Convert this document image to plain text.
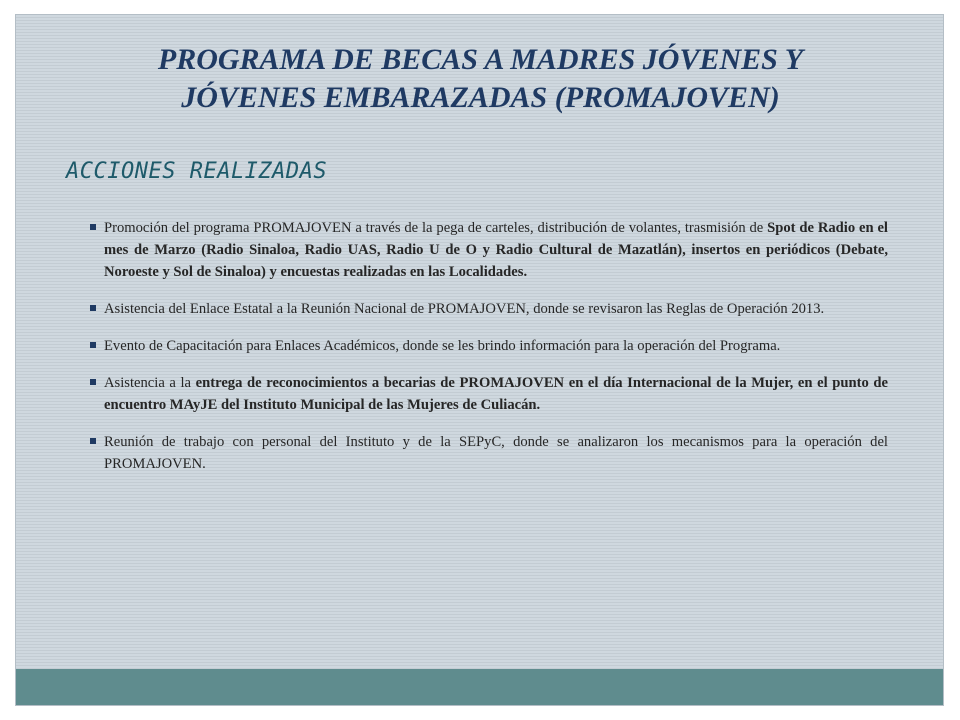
PROGRAMA DE BECAS A MADRES JÓVENES Y
JÓVENES EMBARAZADAS (PROMAJOVEN)
ACCIONES REALIZADAS
Promoción del programa PROMAJOVEN a través de la pega de carteles, distribución de volantes, trasmisión de Spot de Radio en el mes de Marzo (Radio Sinaloa, Radio UAS, Radio U de O y Radio Cultural de Mazatlán), insertos en periódicos (Debate, Noroeste y Sol de Sinaloa) y encuestas realizadas en las Localidades.
Asistencia del Enlace Estatal a la Reunión Nacional de PROMAJOVEN, donde se revisaron las Reglas de Operación 2013.
Evento de Capacitación para Enlaces Académicos, donde se les brindo información para la operación del Programa.
Asistencia a la entrega de reconocimientos a becarias de PROMAJOVEN en el día Internacional de la Mujer, en el punto de encuentro MAyJE del Instituto Municipal de las Mujeres de Culiacán.
Reunión de trabajo con personal del Instituto y de la SEPyC, donde se analizaron los mecanismos para la operación del PROMAJOVEN.
